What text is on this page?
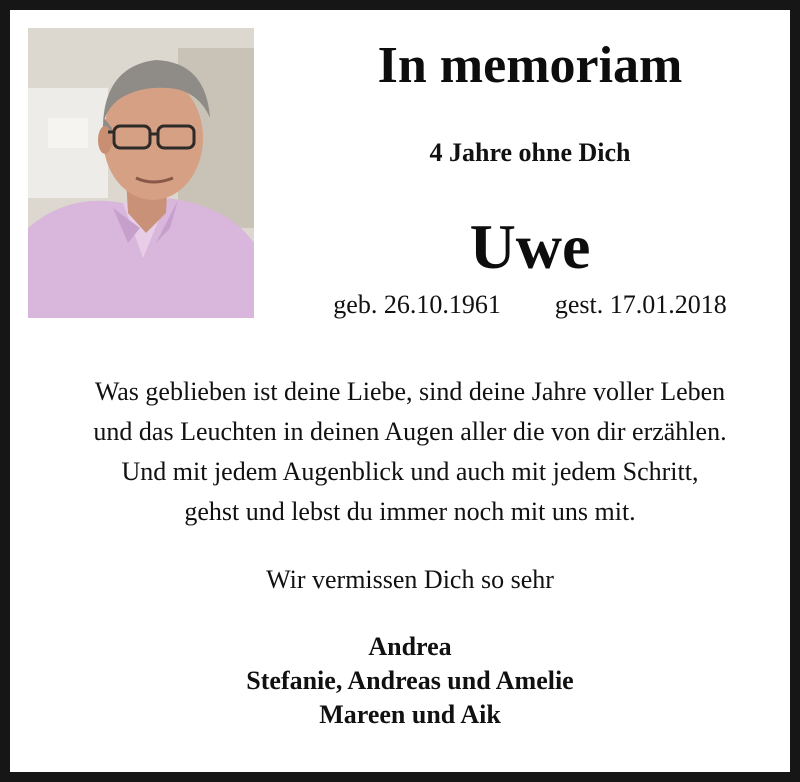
In memoriam
4 Jahre ohne Dich
Uwe
geb. 26.10.1961 gest. 17.01.2018
Was geblieben ist deine Liebe, sind deine Jahre voller Leben
und das Leuchten in deinen Augen aller die von dir erzählen.
Und mit jedem Augenblick und auch mit jedem Schritt,
gehst und lebst du immer noch mit uns mit.
Wir vermissen Dich so sehr
Andrea
Stefanie, Andreas und Amelie
Mareen und Aik
